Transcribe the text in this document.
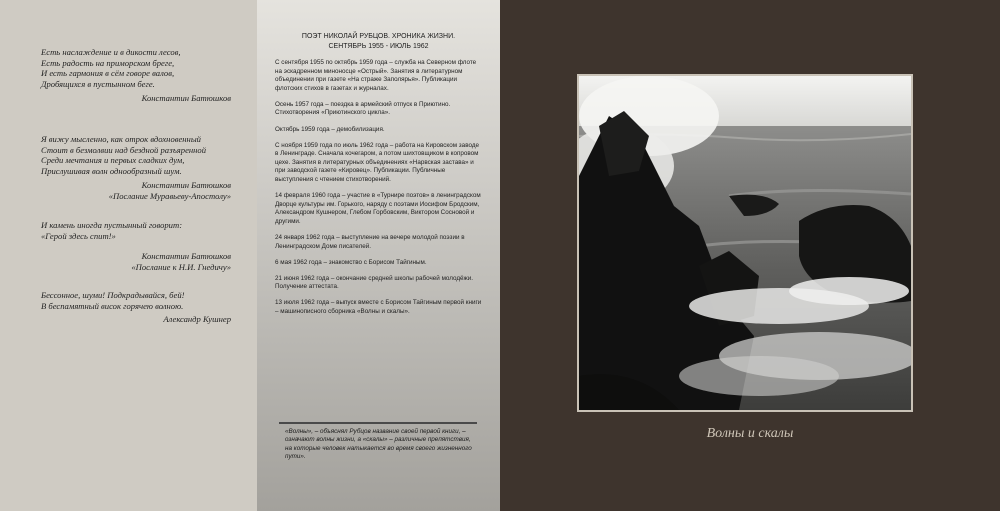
Есть наслаждение и в дикости лесов,
Есть радость на приморском бреге,
И есть гармония в сём говоре валов,
Дробящихся в пустынном беге.
Константин Батюшков
Я вижу мысленно, как отрок вдохновенный
Стоит в безмолвии над бездной разъяренной
Среди мечтания и первых сладких дум,
Прислушивая волн однообразный шум.
Константин Батюшков
«Послание Муравьеву-Апостолу»
И камень иногда пустынный говорит:
«Герой здесь спит!»
Константин Батюшков
«Послание к Н.И. Гнедичу»
Бессонное, шуми! Подкрадывайся, бей!
В беспамятный висок горячею волною.
Александр Кушнер
ПОЭТ НИКОЛАЙ РУБЦОВ. ХРОНИКА ЖИЗНИ.
СЕНТЯБРЬ 1955 - ИЮЛЬ 1962

С сентября 1955 по октябрь 1959 года – служба на Северном флоте на эскадренном миноносце «Острый». Занятия в литературном объединении при газете «На страже Заполярья». Публикации флотских стихов в газетах и журналах.

Осень 1957 года – поездка в армейский отпуск в Приютино. Стихотворения «Приютинского цикла».

Октябрь 1959 года – демобилизация.

С ноября 1959 года по июль 1962 года – работа на Кировском заводе в Ленинграде. Сначала кочегаром, а потом шихтовщиком в копровом цехе. Занятия в литературных объединениях «Нарвская застава» и при заводской газете «Кировец». Публикации. Публичные выступления с чтением стихотворений.

14 февраля 1960 года – участие в «Турнире поэтов» в ленинградском Дворце культуры им. Горького, наряду с поэтами Иосифом Бродским, Александром Кушнером, Глебом Горбовским, Виктором Сосновой и другими.

24 января 1962 года – выступление на вечере молодой поэзии в Ленинградском Доме писателей.

6 мая 1962 года – знакомство с Борисом Тайгиным.

21 июня 1962 года – окончание средней школы рабочей молодёжи. Получение аттестата.

13 июля 1962 года – выпуск вместе с Борисом Тайгиным первой книги – машинописного сборника «Волны и скалы».

«Волны», – объяснял Рубцов название своей первой книги, – означают волны жизни, а «скалы» – различные препятствия, на которые человек натыкается во время своего жизненного пути».
Волны и скалы
